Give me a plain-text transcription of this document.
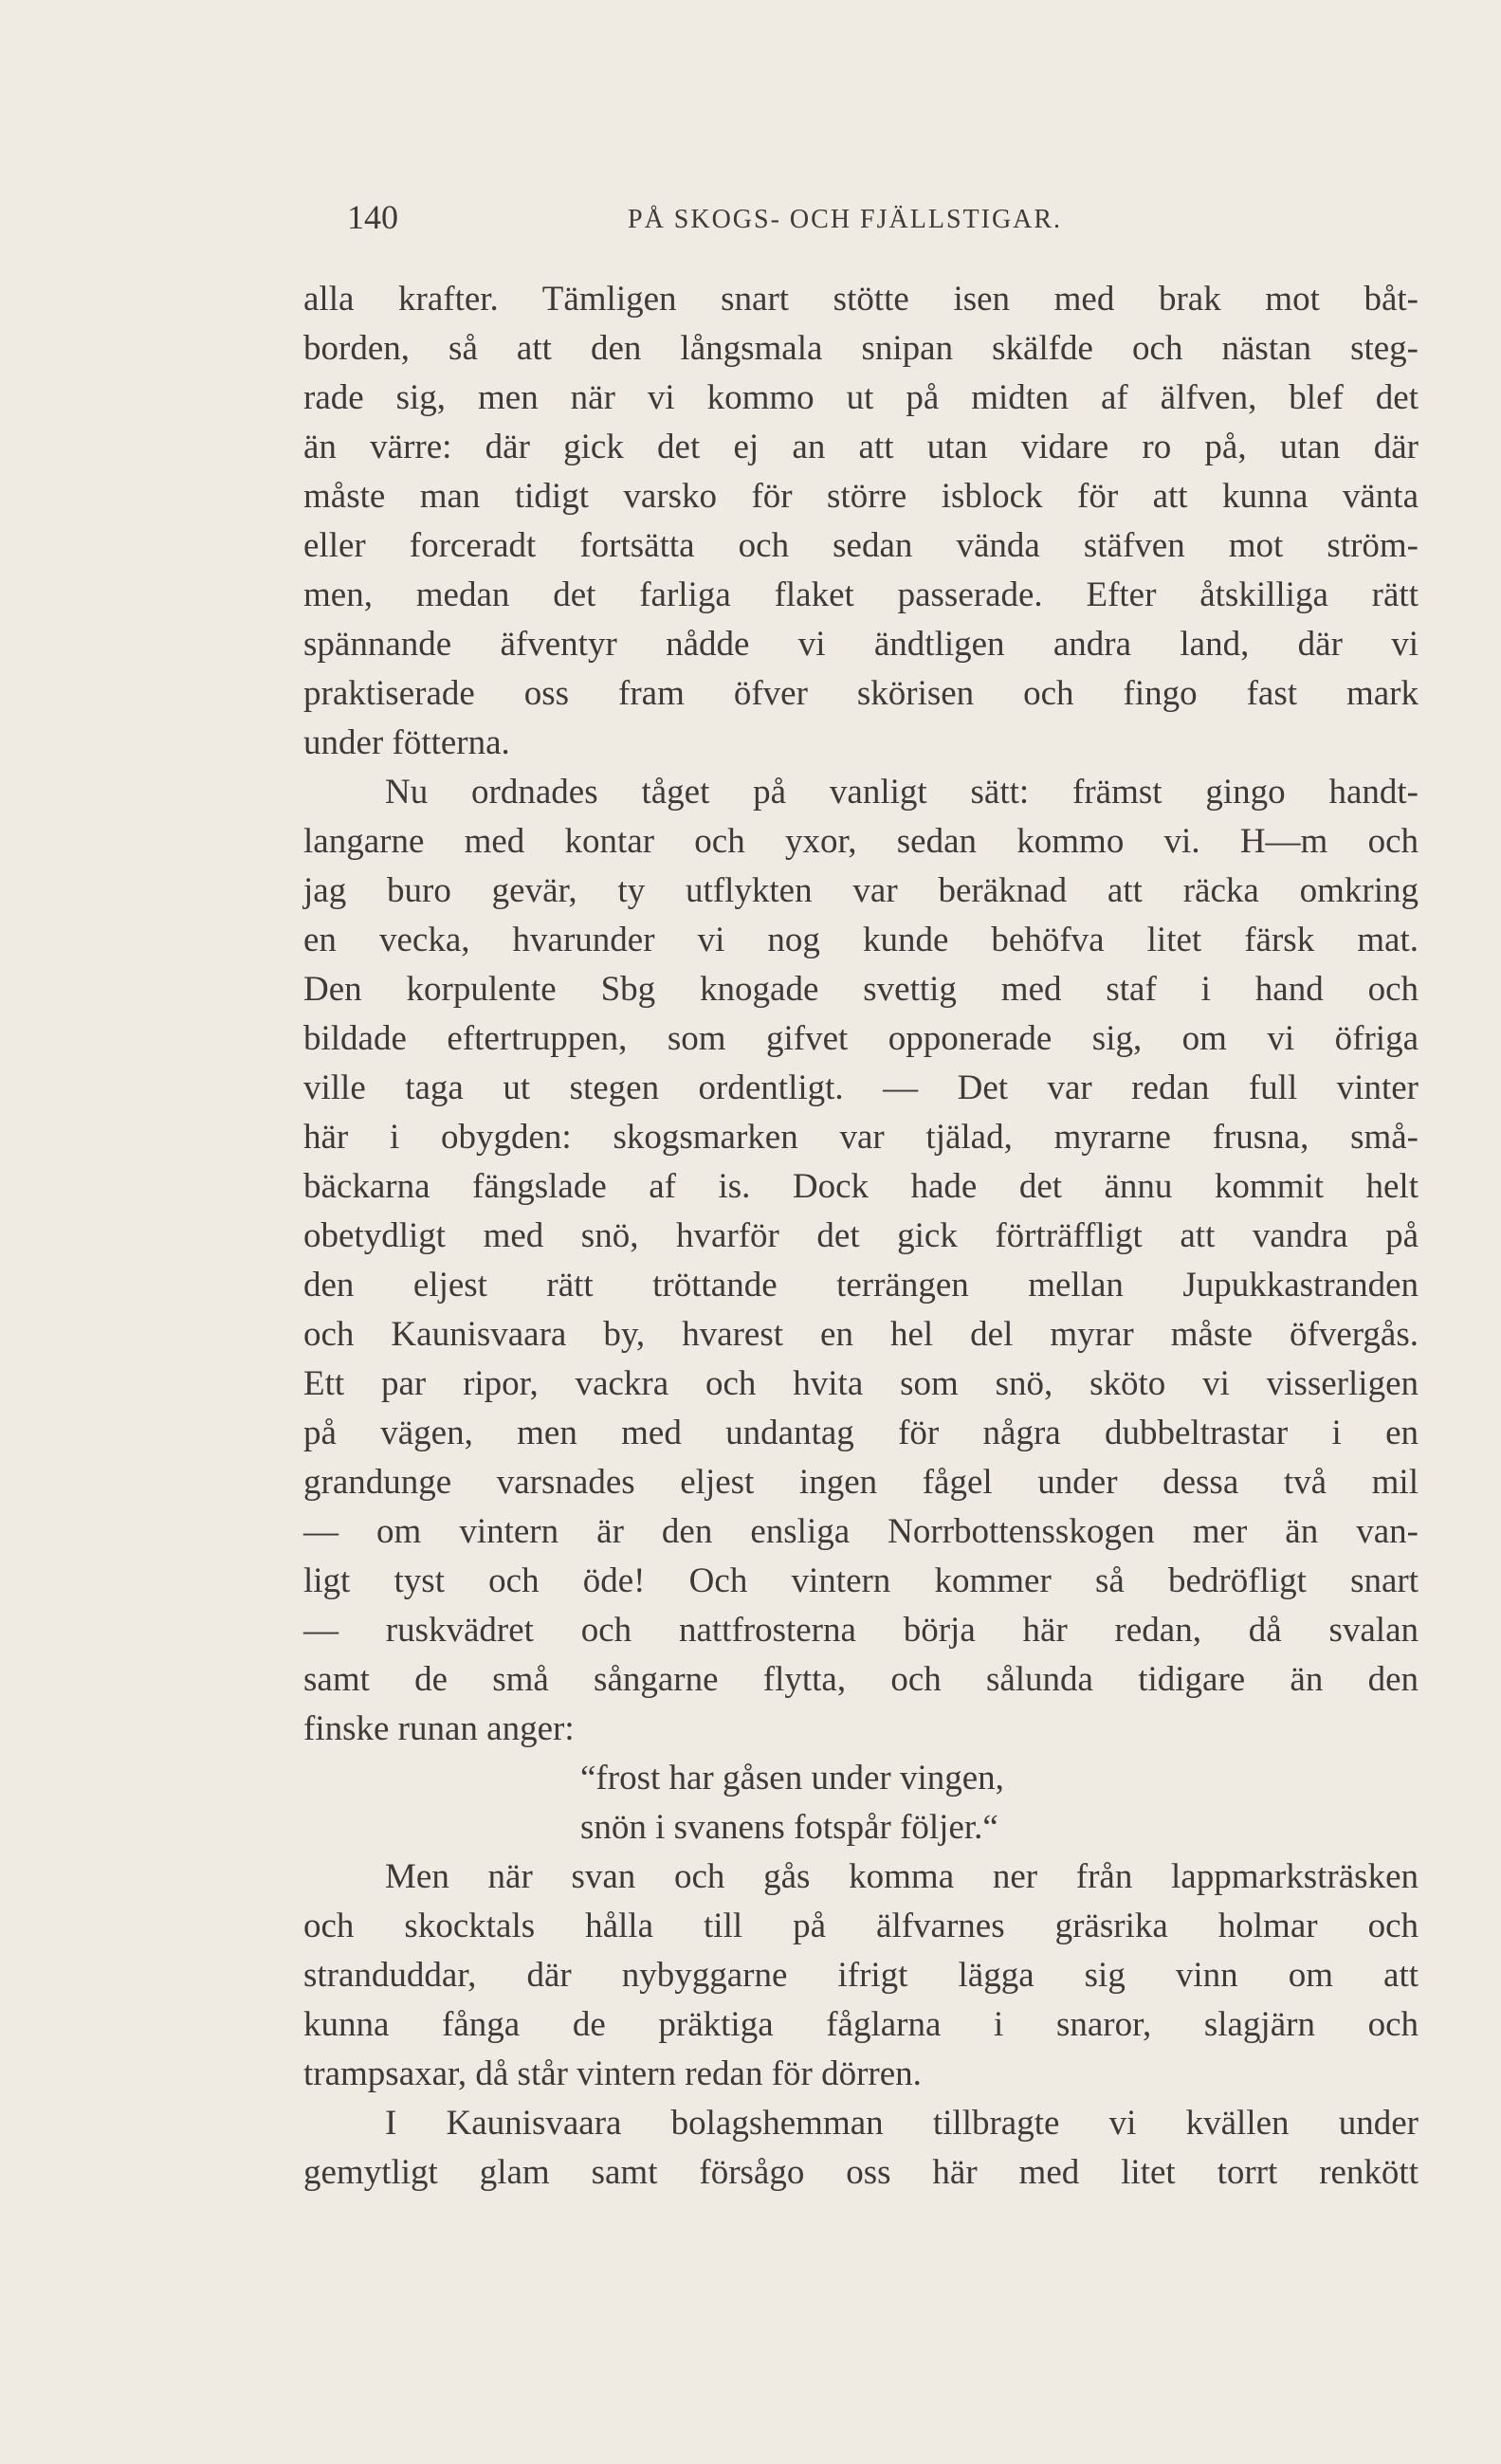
140	PÅ SKOGS- OCH FJÄLLSTIGAR.
alla krafter. Tämligen snart stötte isen med brak mot båt-
borden, så att den långsmala snipan skälfde och nästan steg-
rade sig, men när vi kommo ut på midten af älfven, blef det
än värre: där gick det ej an att utan vidare ro på, utan där
måste man tidigt varsko för större isblock för att kunna vänta
eller forceradt fortsätta och sedan vända stäfven mot ström-
men, medan det farliga flaket passerade. Efter åtskilliga rätt
spännande äfventyr nådde vi ändtligen andra land, där vi
praktiserade oss fram öfver skörisen och fingo fast mark
under fötterna.
Nu ordnades tåget på vanligt sätt: främst gingo handt-
langarne med kontar och yxor, sedan kommo vi. H—m och
jag buro gevär, ty utflykten var beräknad att räcka omkring
en vecka, hvarunder vi nog kunde behöfva litet färsk mat.
Den korpulente Sbg knogade svettig med staf i hand och
bildade eftertruppen, som gifvet opponerade sig, om vi öfriga
ville taga ut stegen ordentligt. — Det var redan full vinter
här i obygden: skogsmarken var tjälad, myrarne frusna, små-
bäckarna fängslade af is. Dock hade det ännu kommit helt
obetydligt med snö, hvarför det gick förträffligt att vandra på
den eljest rätt tröttande terrängen mellan Jupukkastranden
och Kaunisvaara by, hvarest en hel del myrar måste öfvergås.
Ett par ripor, vackra och hvita som snö, sköto vi visserligen
på vägen, men med undantag för några dubbeltrastar i en
grandunge varsnades eljest ingen fågel under dessa två mil
— om vintern är den ensliga Norrbottensskogen mer än van-
ligt tyst och öde! Och vintern kommer så bedröfligt snart
— ruskvädret och nattfrosterna börja här redan, då svalan
samt de små sångarne flytta, och sålunda tidigare än den
finske runan anger:
“frost har gåsen under vingen,
snön i svanens fotspår följer.“
Men när svan och gås komma ner från lappmarksträsken
och skocktals hålla till på älfvarnes gräsrika holmar och
stranduddar, där nybyggarne ifrigt lägga sig vinn om att
kunna fånga de präktiga fåglarna i snaror, slagjärn och
trampsaxar, då står vintern redan för dörren.
I Kaunisvaara bolagshemman tillbragte vi kvällen under
gemytligt glam samt försågo oss här med litet torrt renkött
